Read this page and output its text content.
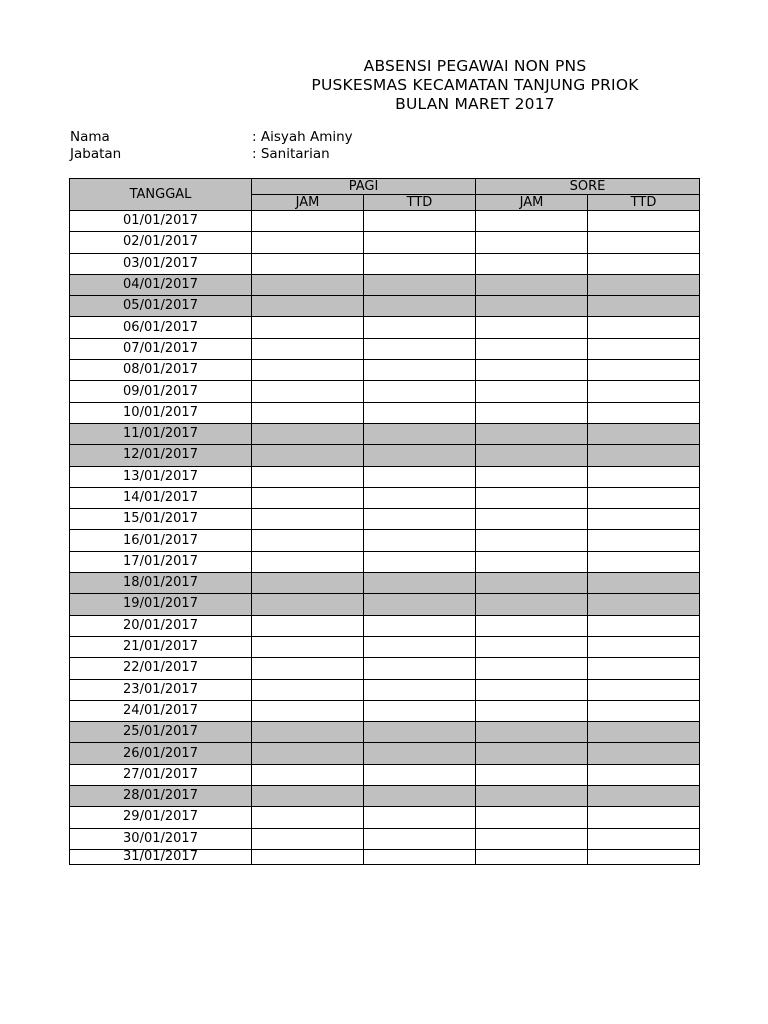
ABSENSI PEGAWAI NON PNS
PUSKESMAS KECAMATAN TANJUNG PRIOK
BULAN MARET 2017
Nama	: Aisyah Aminy
Jabatan	: Sanitarian
TANGGAL	PAGI		SORE	
	JAM	TTD	JAM	TTD
01/01/2017				
02/01/2017				
03/01/2017				
04/01/2017				
05/01/2017				
06/01/2017				
07/01/2017				
08/01/2017				
09/01/2017				
10/01/2017				
11/01/2017				
12/01/2017				
13/01/2017				
14/01/2017				
15/01/2017				
16/01/2017				
17/01/2017				
18/01/2017				
19/01/2017				
20/01/2017				
21/01/2017				
22/01/2017				
23/01/2017				
24/01/2017				
25/01/2017				
26/01/2017				
27/01/2017				
28/01/2017				
29/01/2017				
30/01/2017				
31/01/2017				
